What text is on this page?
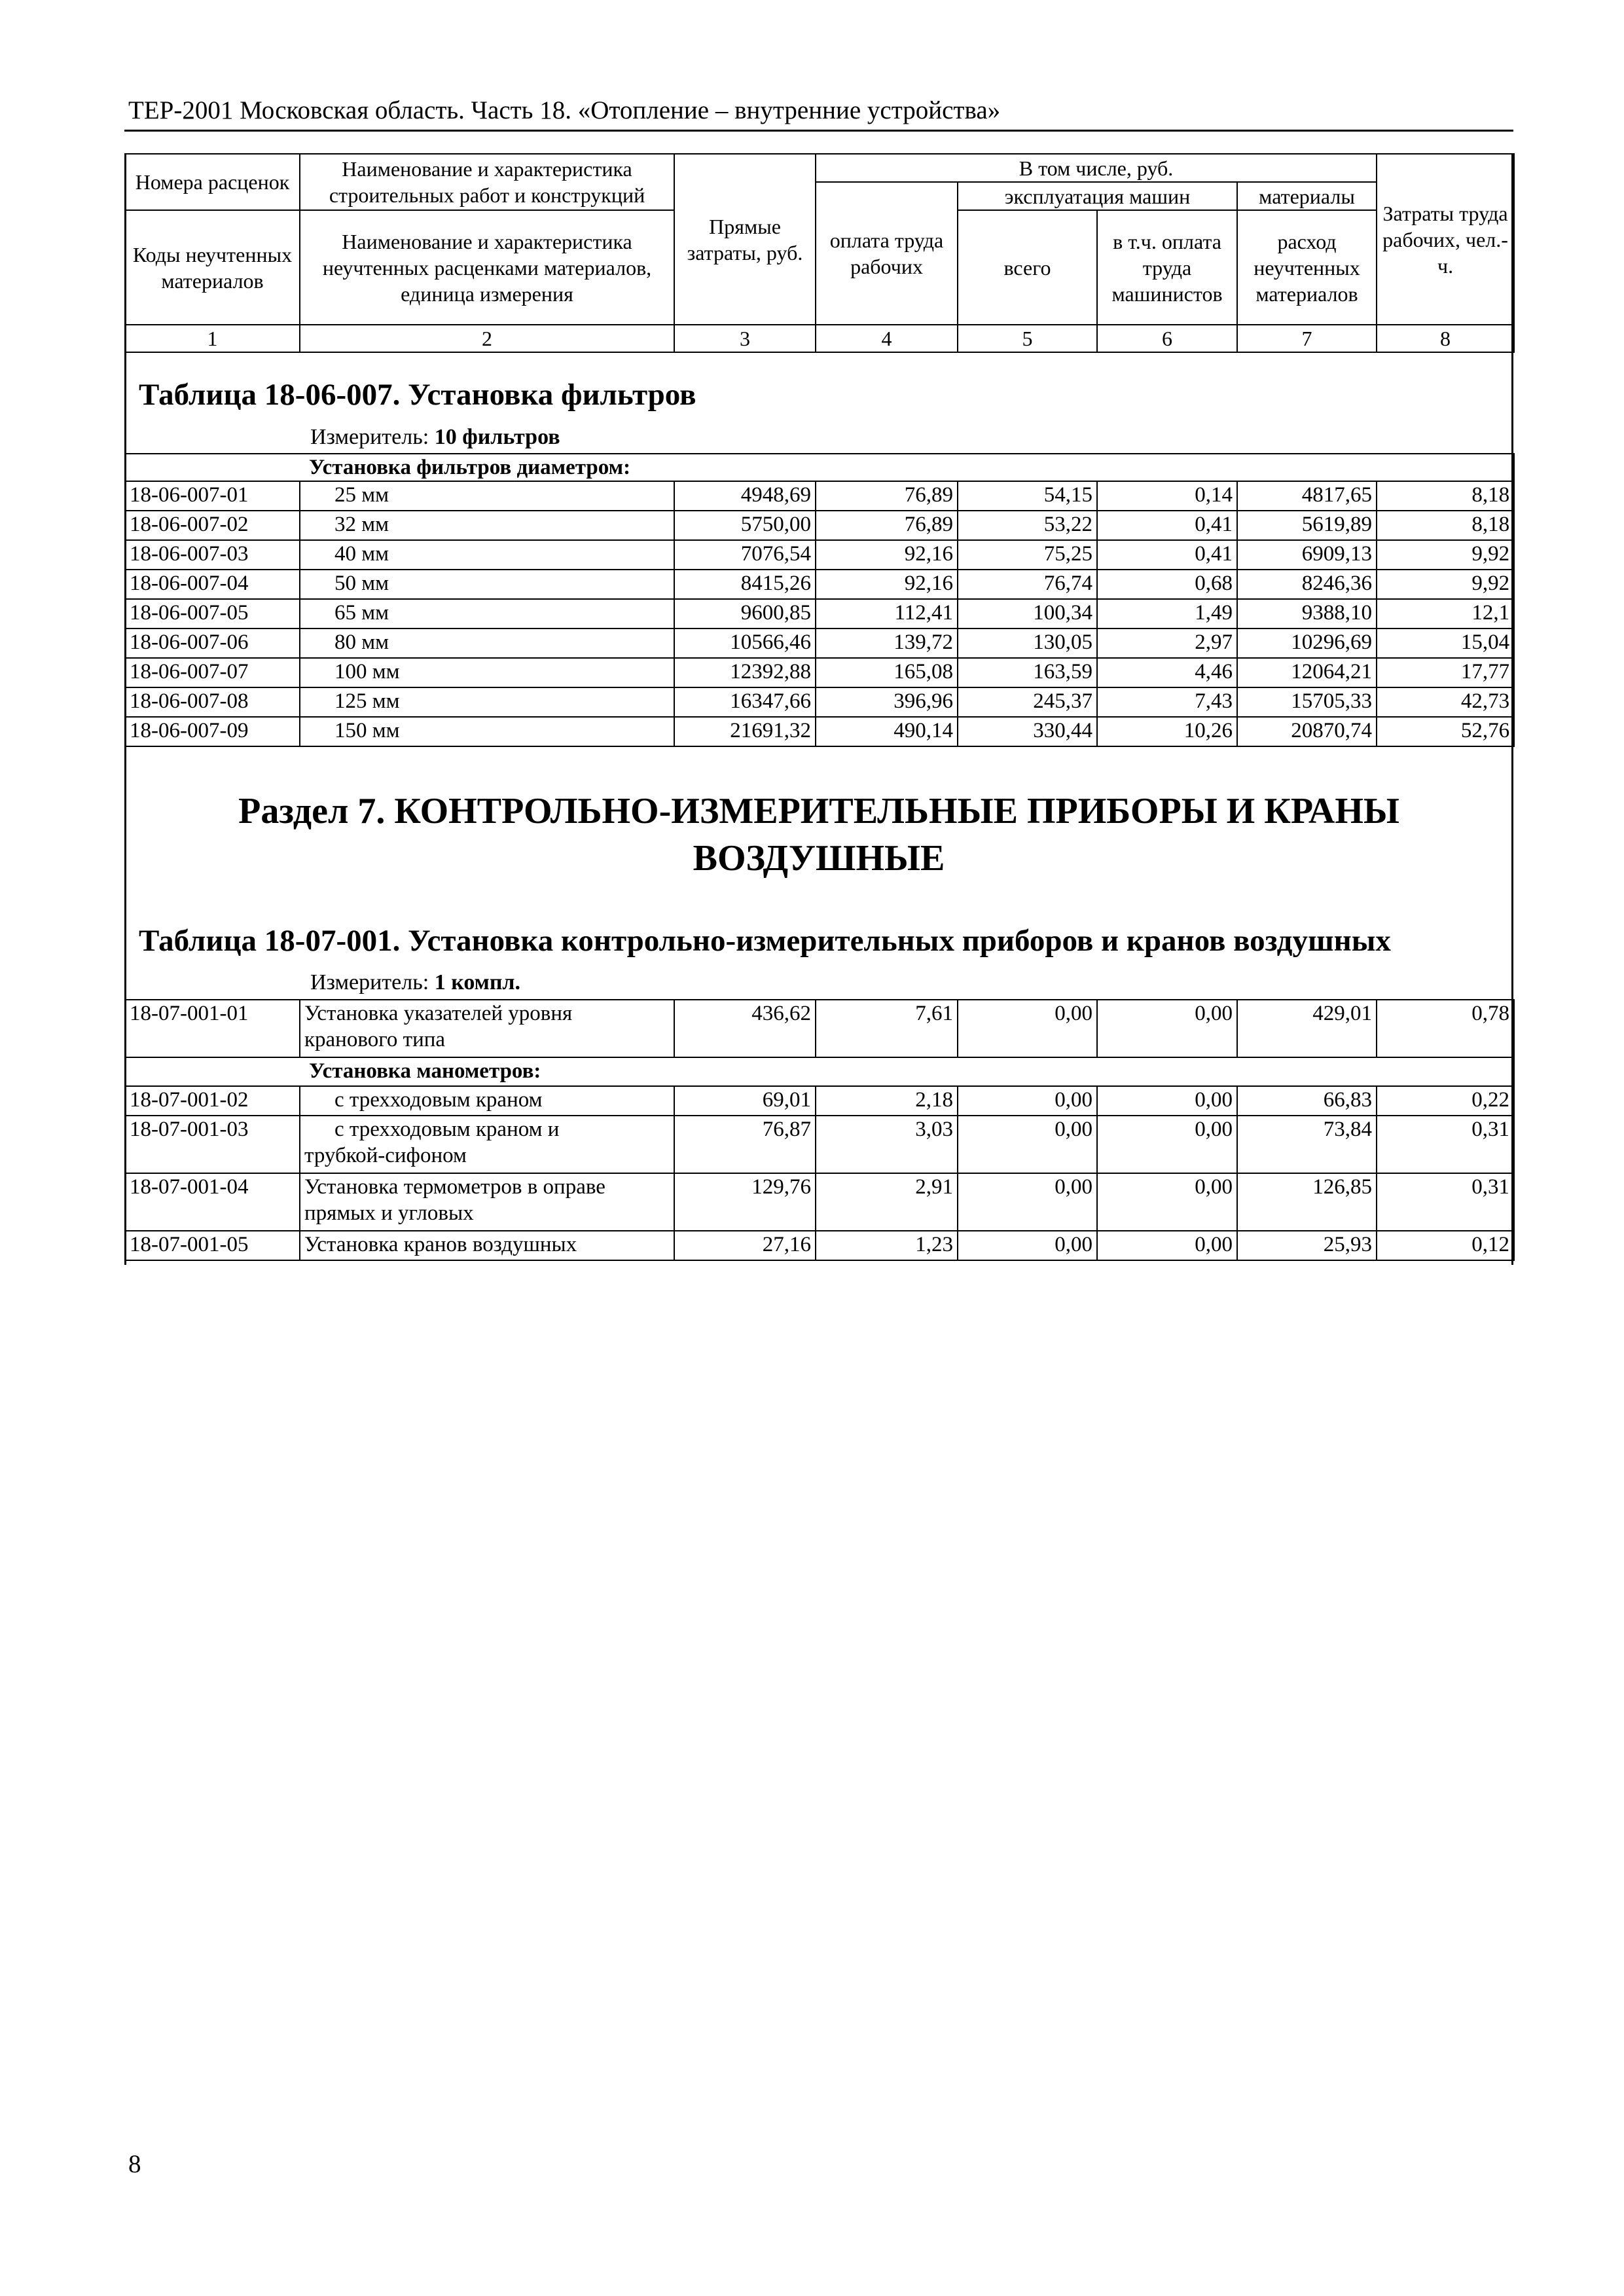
ТЕР-2001 Московская область. Часть 18. «Отопление – внутренние устройства»
Номера расценок	Наименование и характеристика строительных работ и конструкций	Прямые затраты, руб.	В том числе, руб.				Затраты труда рабочих, чел.-ч.
			оплата труда рабочих	эксплуатация машин		материалы	
Коды неучтенных материалов	Наименование и характеристика неучтенных расценками материалов, единица измерения			всего	в т.ч. оплата труда машинистов	расход неучтенных материалов	

1	2	3	4	5	6	7	8
Таблица 18-06-007. Установка фильтров
Измеритель: 10 фильтров
Установка фильтров диаметром:							
18-06-007-01	25 мм	4948,69	76,89	54,15	0,14	4817,65	8,18
18-06-007-02	32 мм	5750,00	76,89	53,22	0,41	5619,89	8,18
18-06-007-03	40 мм	7076,54	92,16	75,25	0,41	6909,13	9,92
18-06-007-04	50 мм	8415,26	92,16	76,74	0,68	8246,36	9,92
18-06-007-05	65 мм	9600,85	112,41	100,34	1,49	9388,10	12,1
18-06-007-06	80 мм	10566,46	139,72	130,05	2,97	10296,69	15,04
18-06-007-07	100 мм	12392,88	165,08	163,59	4,46	12064,21	17,77
18-06-007-08	125 мм	16347,66	396,96	245,37	7,43	15705,33	42,73
18-06-007-09	150 мм	21691,32	490,14	330,44	10,26	20870,74	52,76
Раздел 7. КОНТРОЛЬНО-ИЗМЕРИТЕЛЬНЫЕ ПРИБОРЫ И КРАНЫ
ВОЗДУШНЫЕ
Таблица 18-07-001. Установка контрольно-измерительных приборов и кранов воздушных
Измеритель: 1 компл.
18-07-001-01	Установка указателей уровня кранового типа	436,62	7,61	0,00	0,00	429,01	0,78
Установка манометров:							
18-07-001-02	с трехходовым краном	69,01	2,18	0,00	0,00	66,83	0,22
18-07-001-03	с трехходовым краном и
трубкой-сифоном	76,87	3,03	0,00	0,00	73,84	0,31
18-07-001-04	Установка термометров в оправе прямых и угловых	129,76	2,91	0,00	0,00	126,85	0,31
18-07-001-05	Установка кранов воздушных	27,16	1,23	0,00	0,00	25,93	0,12
8
